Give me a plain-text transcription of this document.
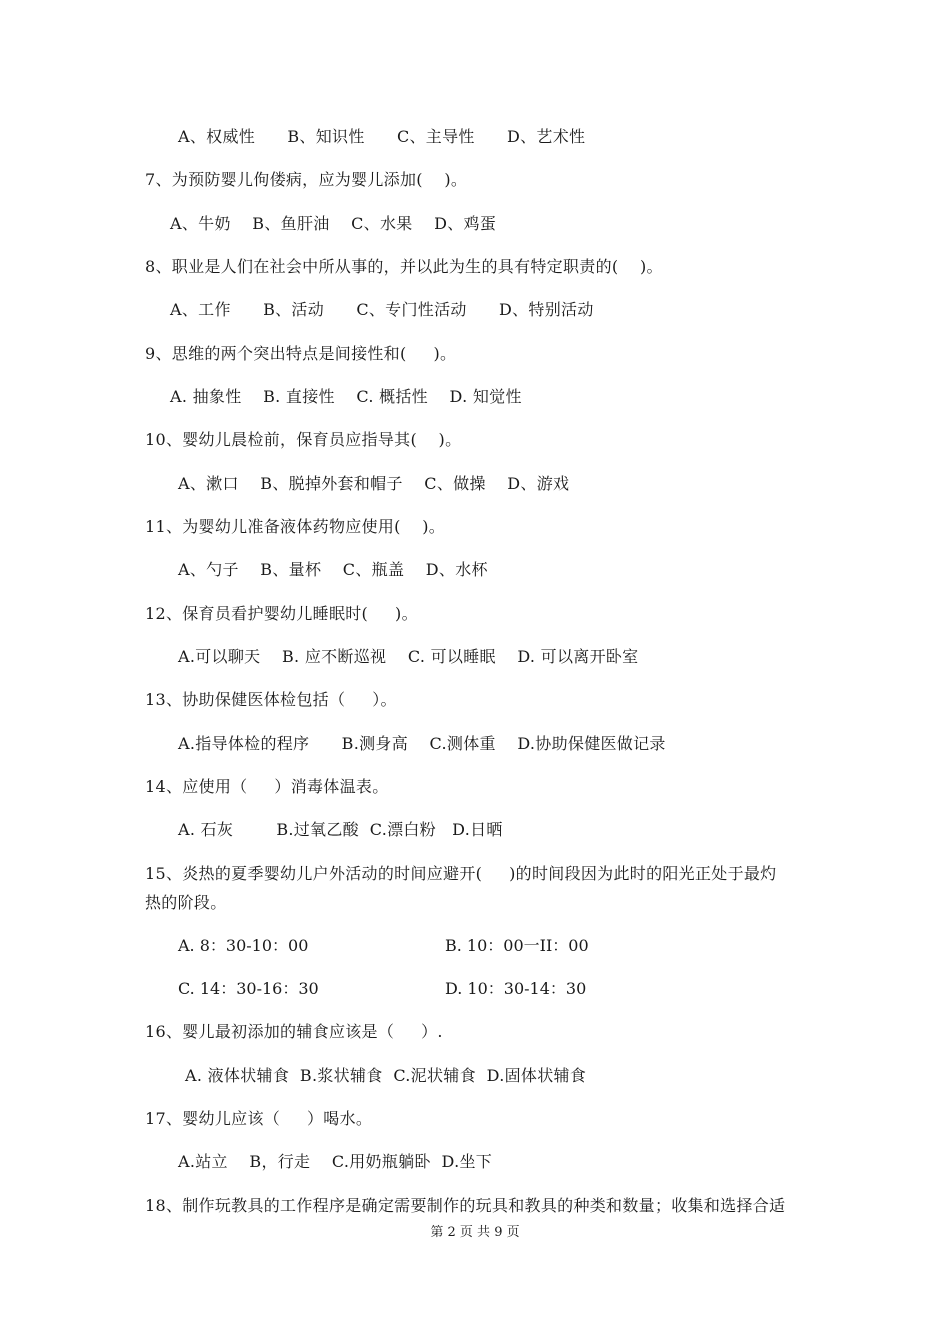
A、权威性      B、知识性      C、主导性      D、艺术性
7、为预防婴儿佝偻病，应为婴儿添加(    )。
A、牛奶    B、鱼肝油    C、水果    D、鸡蛋
8、职业是人们在社会中所从事的，并以此为生的具有特定职责的(    )。
A、工作      B、活动      C、专门性活动      D、特别活动
9、思维的两个突出特点是间接性和(     )。
A. 抽象性    B. 直接性    C. 概括性    D. 知觉性
10、婴幼儿晨检前，保育员应指导其(    )。
A、漱口    B、脱掉外套和帽子    C、做操    D、游戏
11、为婴幼儿准备液体药物应使用(    )。
A、勺子    B、量杯    C、瓶盖    D、水杯
12、保育员看护婴幼儿睡眠时(     )。
A.可以聊天    B. 应不断巡视    C. 可以睡眠    D. 可以离开卧室
13、协助保健医体检包括（     ）。
A.指导体检的程序      B.测身高    C.测体重    D.协助保健医做记录
14、应使用（     ）消毒体温表。
A. 石灰        B.过氧乙酸  C.漂白粉   D.日晒
15、炎热的夏季婴幼儿户外活动的时间应避开(     )的时间段因为此时的阳光正处于最灼
热的阶段。
A. 8：30-10：00	B. 10：00一II：00
C. 14：30-16：30	D. 10：30-14：30
16、婴儿最初添加的辅食应该是（     ）.
A. 液体状辅食  B.浆状辅食  C.泥状辅食  D.固体状辅食
17、婴幼儿应该（     ）喝水。
A.站立    B，行走    C.用奶瓶躺卧  D.坐下
18、制作玩教具的工作程序是确定需要制作的玩具和教具的种类和数量；收集和选择合适
第 2 页 共 9 页
